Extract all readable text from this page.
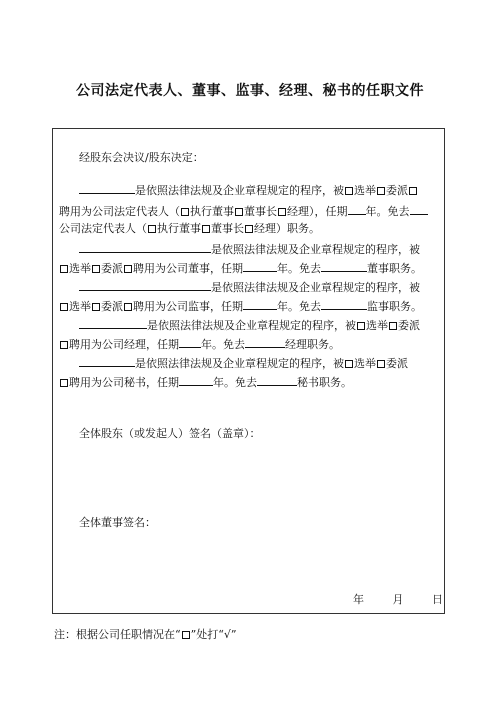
公司法定代表人、董事、监事、经理、秘书的任职文件
经股东会决议/股东决定：
是依照法律法规及企业章程规定的程序，被 选举 委派
聘用为公司法定代表人（ 执行董事 董事长 经理），任期 年。免去
公司法定代表人（ 执行董事 董事长 经理）职务。
是依照法律法规及企业章程规定的程序，被
选举 委派 聘用为公司董事，任期	年。免去	董事职务。
是依照法律法规及企业章程规定的程序，被
选举 委派 聘用为公司监事，任期	年。免去	监事职务。
是依照法律法规及企业章程规定的程序，被 选举 委派
聘用为公司经理，任期 年。免去	经理职务。
是依照法律法规及企业章程规定的程序，被 选举 委派
聘用为公司秘书，任期	年。免去	秘书职务。
全体股东（或发起人）签名（盖章）：
全体董事签名：
年	月	日
注：根据公司任职情况在“ ”处打“√”
